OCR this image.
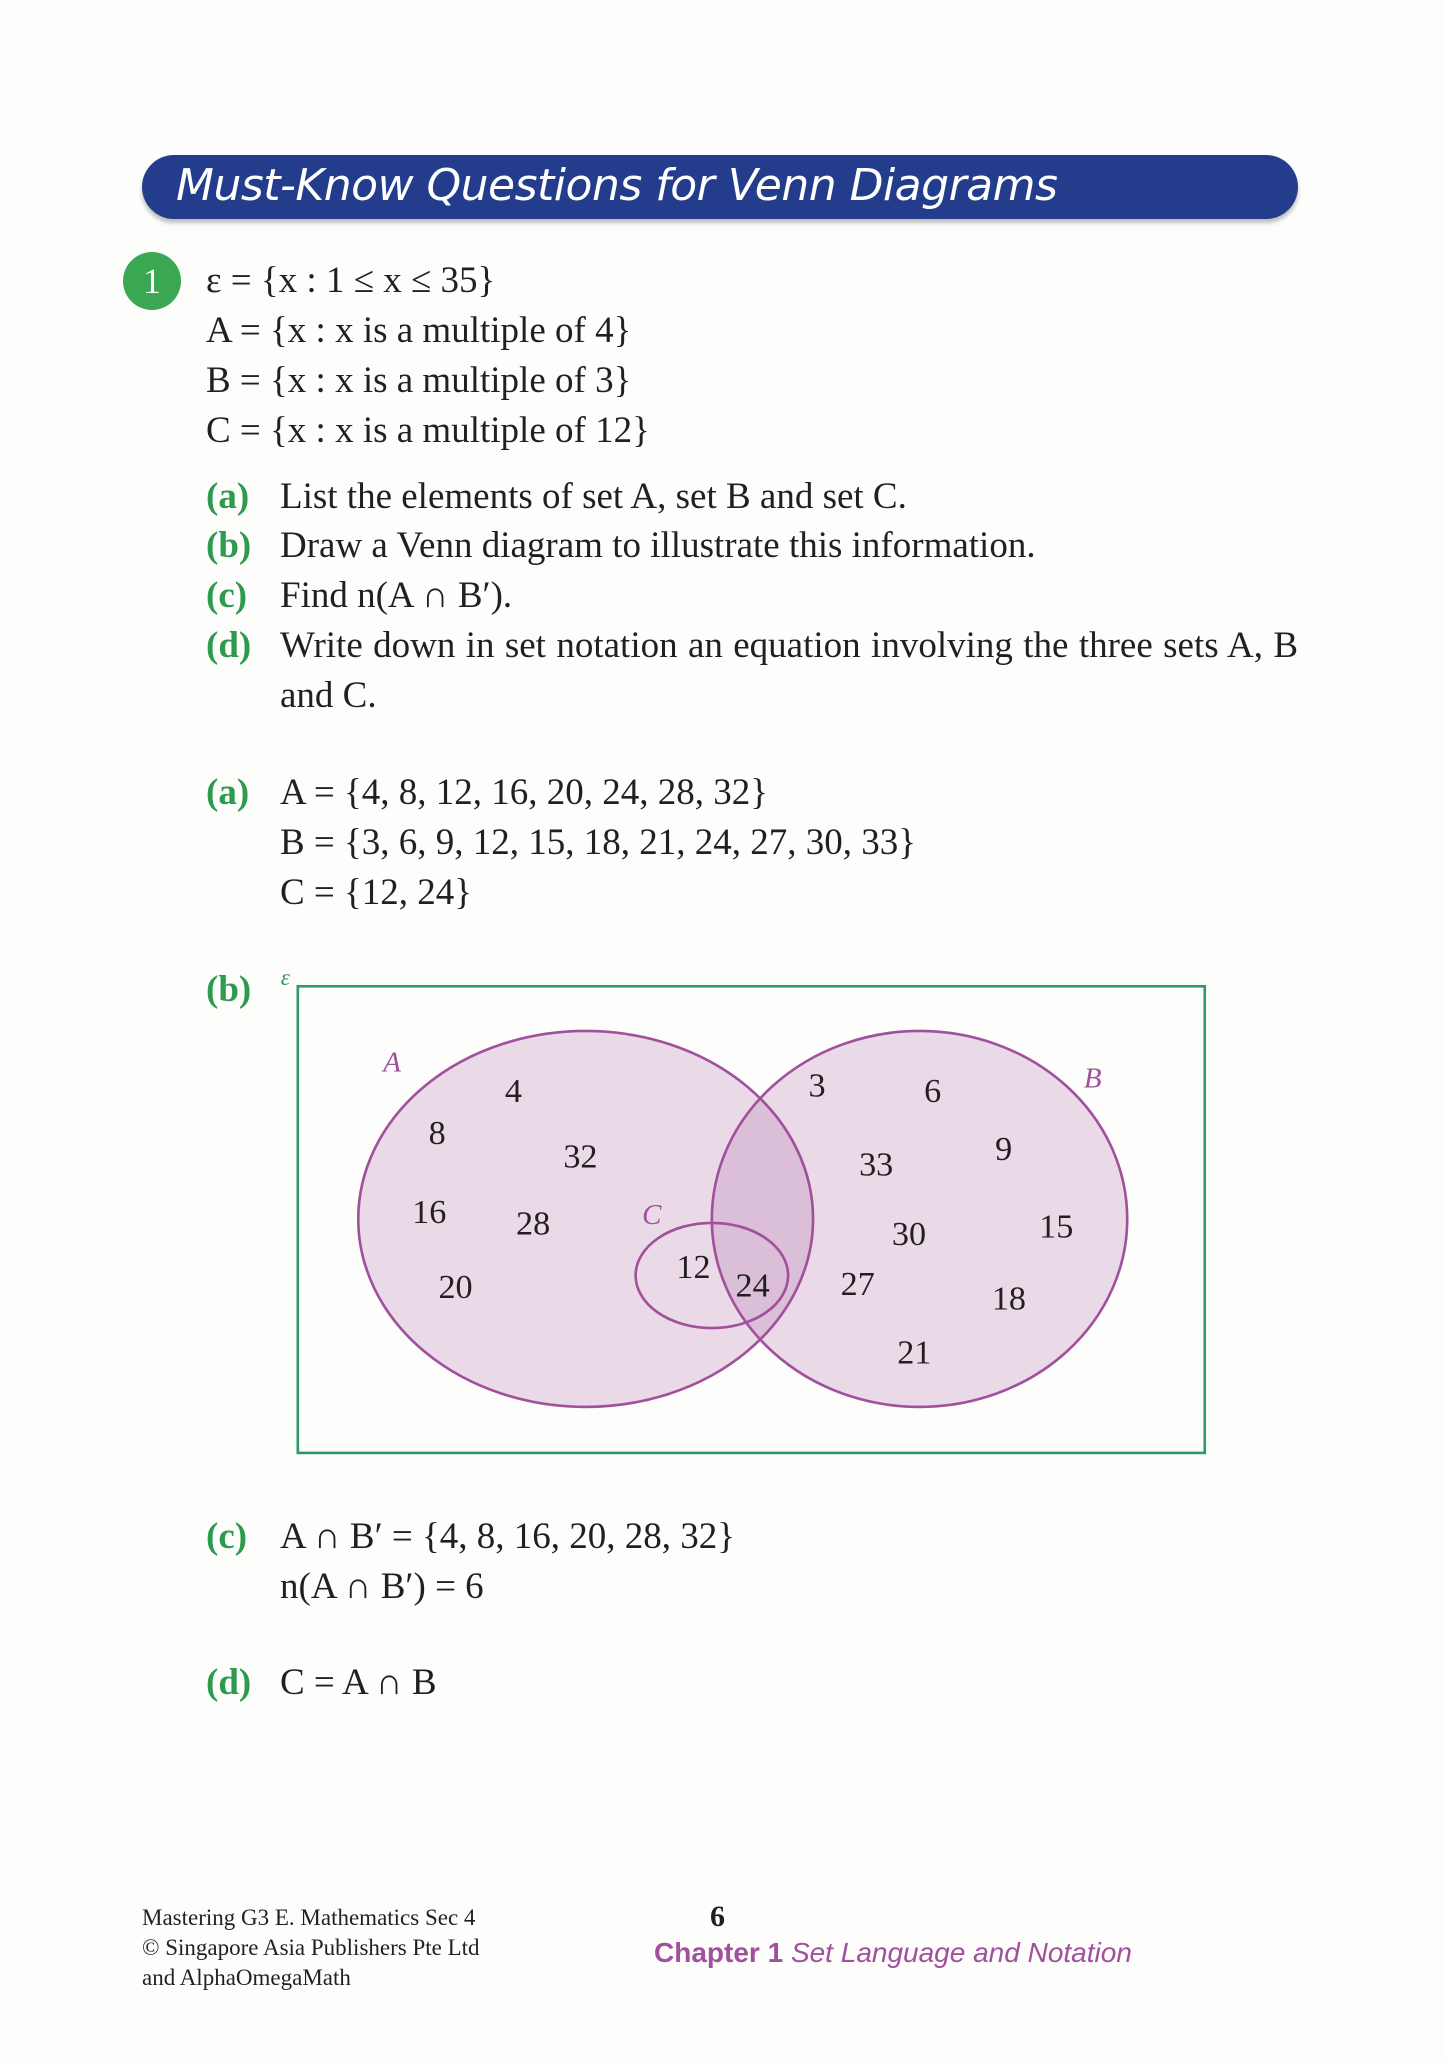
Must-Know Questions for Venn Diagrams
1	ε = {x : 1 ≤ x ≤ 35}
A = {x : x is a multiple of 4}
B = {x : x is a multiple of 3}
C = {x : x is a multiple of 12}
(a) List the elements of set A, set B and set C.
(b) Draw a Venn diagram to illustrate this information.
(c) Find n(A ∩ B′).
(d) Write down in set notation an equation involving the three sets A, B and C.
(a) A = {4, 8, 12, 16, 20, 24, 28, 32}
B = {3, 6, 9, 12, 15, 18, 21, 24, 27, 30, 33}
C = {12, 24}
(b) ε
A	B
C
4
8
32
16	28
20
3	6
9
33
30	15
27	18
21
12 24
(c) A ∩ B′ = {4, 8, 16, 20, 28, 32}
n(A ∩ B′) = 6
(d) C = A ∩ B
Mastering G3 E. Mathematics Sec 4
© Singapore Asia Publishers Pte Ltd
and AlphaOmegaMath
6
Chapter 1 Set Language and Notation
